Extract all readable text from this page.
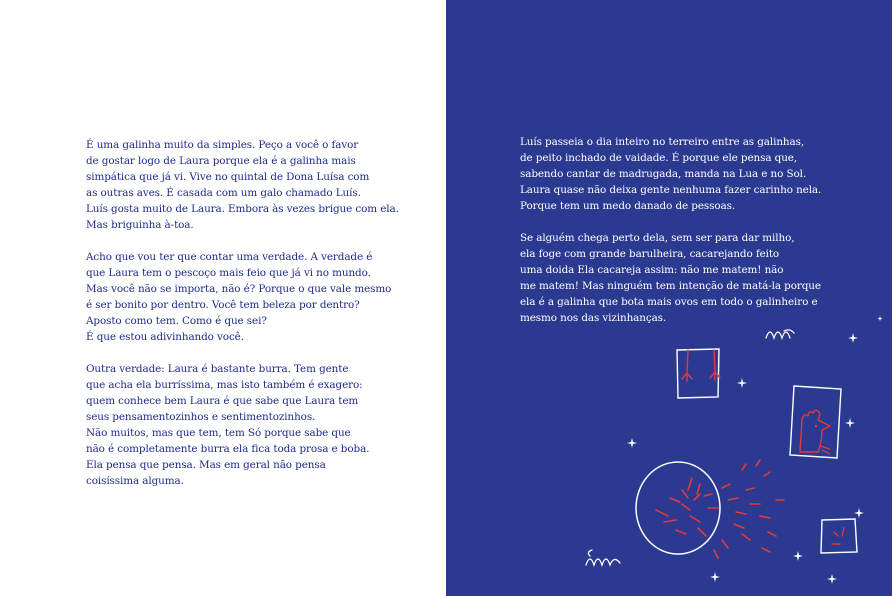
É uma galinha muito da simples. Peço a você o favor
de gostar logo de Laura porque ela é a galinha mais
simpática que já vi. Vive no quintal de Dona Luísa com
as outras aves. É casada com um galo chamado Luís.
Luís gosta muito de Laura. Embora às vezes brigue com ela.
Mas briguinha à-toa.
Acho que vou ter que contar uma verdade. A verdade é
que Laura tem o pescoço mais feio que já vi no mundo.
Mas você não se importa, não é? Porque o que vale mesmo
é ser bonito por dentro. Você tem beleza por dentro?
Aposto como tem. Como é que sei?
É que estou adivinhando você.
Outra verdade: Laura é bastante burra. Tem gente
que acha ela burríssima, mas isto também é exagero:
quem conhece bem Laura é que sabe que Laura tem
seus pensamentozinhos e sentimentozinhos.
Não muitos, mas que tem, tem Só porque sabe que
não é completamente burra ela fica toda prosa e boba.
Ela pensa que pensa. Mas em geral não pensa
coisíssima alguma.
Luís passeia o dia inteiro no terreiro entre as galinhas,
de peito inchado de vaidade. É porque ele pensa que,
sabendo cantar de madrugada, manda na Lua e no Sol.
Laura quase não deixa gente nenhuma fazer carinho nela.
Porque tem um medo danado de pessoas.
Se alguém chega perto dela, sem ser para dar milho,
ela foge com grande barulheira, cacarejando feito
uma doida Ela cacareja assim: não me matem! não
me matem! Mas ninguém tem intenção de matá-la porque
ela é a galinha que bota mais ovos em todo o galinheiro e
mesmo nos das vizinhanças.
